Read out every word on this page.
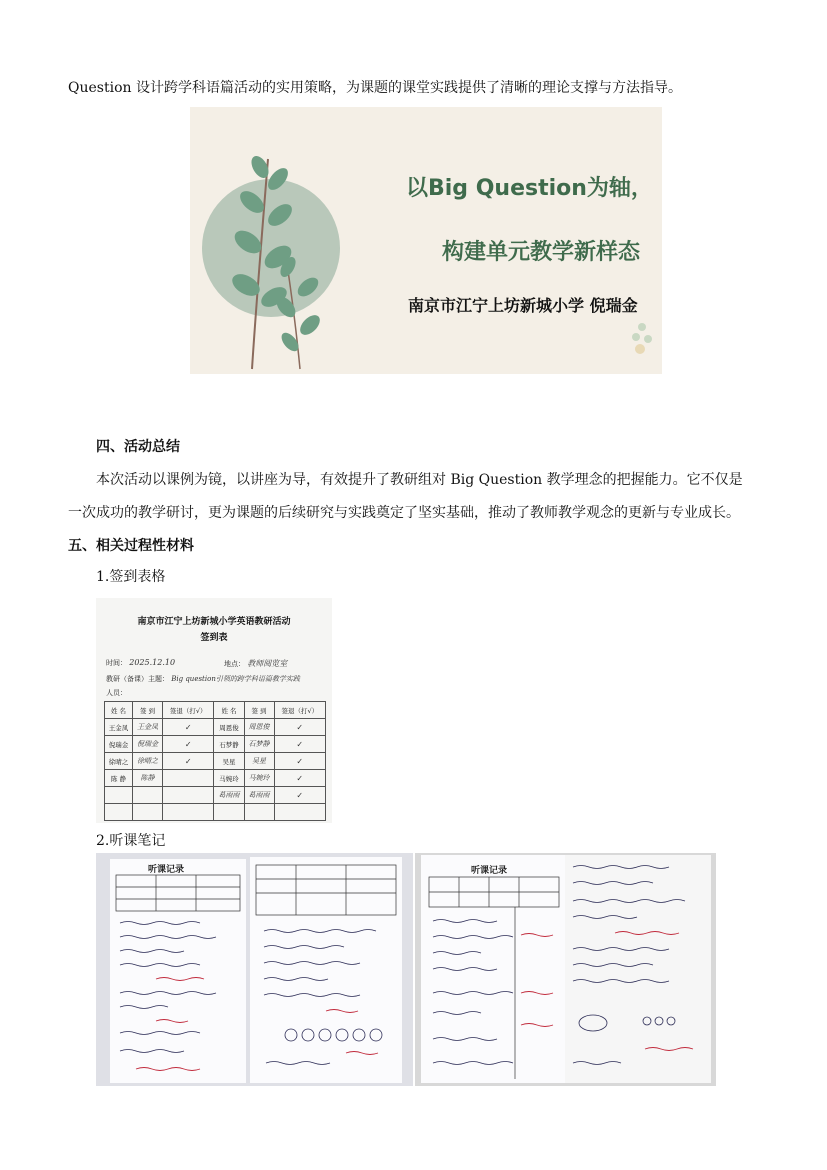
Question 设计跨学科语篇活动的实用策略，为课题的课堂实践提供了清晰的理论支撑与方法指导。
以Big Question为轴，
构建单元教学新样态
南京市江宁上坊新城小学 倪瑞金
四、活动总结
本次活动以课例为镜，以讲座为导，有效提升了教研组对 Big Question 教学理念的把握能力。它不仅是
一次成功的教学研讨，更为课题的后续研究与实践奠定了坚实基础，推动了教师教学观念的更新与专业成长。
五、相关过程性材料
1.签到表格
南京市江宁上坊新城小学英语教研活动
签到表
时间： 2025.12.10	地点： 教师阅览室
教研（备课）主题： Big question引领的跨学科语篇教学实践
人员：
姓 名	签 到	签退（打√）	姓 名	签 到	签退（打√）
王金凤	王金凤	✓	周恩俊	周恩俊	✓
倪瑞金	倪瑞金	✓	石梦静	石梦静	✓
徐晴之	徐晴之	✓	吴星	吴星	✓
陈 静	陈静		马婉玲	马婉玲	✓
			葛雨雨	葛雨雨	✓

2.听课笔记
听课记录	听课记录
